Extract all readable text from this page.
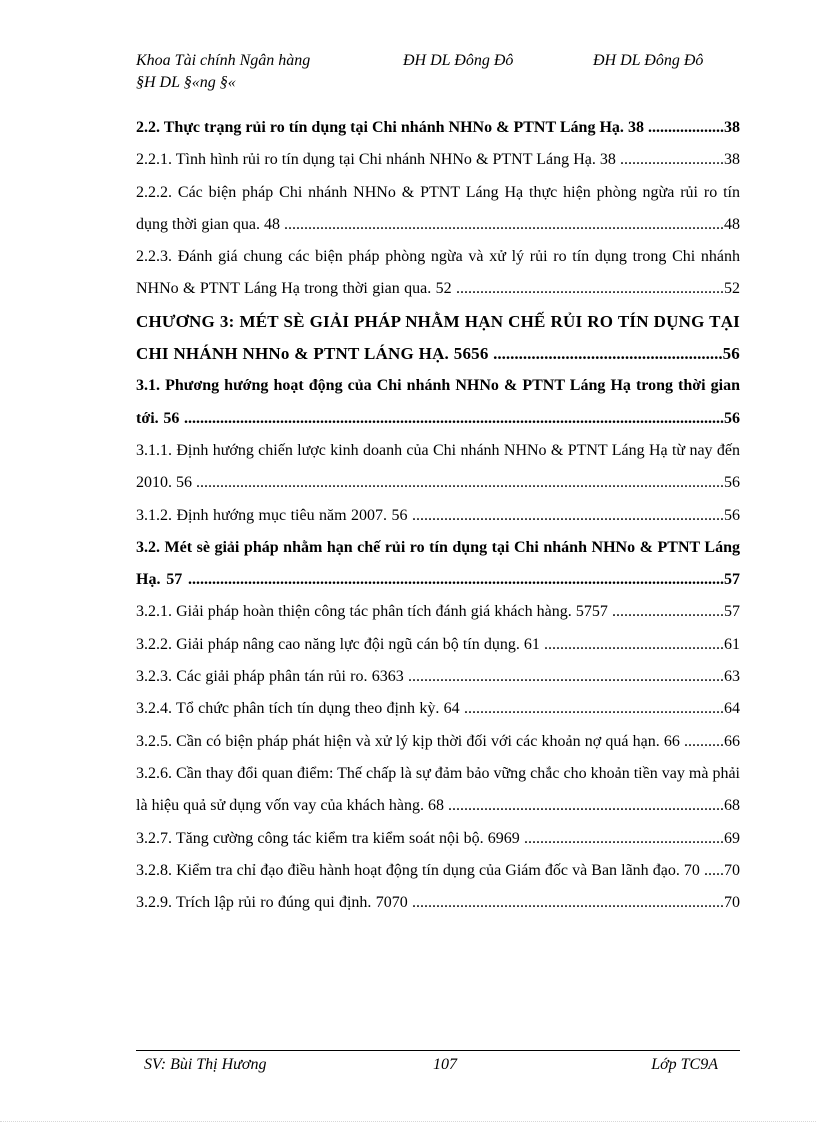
Khoa Tài chính Ngân hàng	ĐH DL Đông Đô	ĐH DL Đông Đô
§H DL §«ng §«
2.2. Thực trạng rủi ro tín dụng tại Chi nhánh NHNo & PTNT Láng Hạ. 38 ...................38
2.2.1. Tình hình rủi ro tín dụng tại Chi nhánh NHNo & PTNT Láng Hạ. 38 ..........................38
2.2.2. Các biện pháp Chi nhánh NHNo & PTNT Láng Hạ thực hiện phòng ngừa rủi ro tín dụng thời gian qua. 48 ..............................................................................................................48
2.2.3. Đánh giá chung các biện pháp phòng ngừa và xử lý rủi ro tín dụng trong Chi nhánh NHNo & PTNT Láng Hạ trong thời gian qua. 52 ...................................................................52
CHƯƠNG 3: MÉT SÈ GIẢI PHÁP NHẰM HẠN CHẾ RỦI RO TÍN DỤNG TẠI CHI NHÁNH NHNo & PTNT LÁNG HẠ. 5656 ......................................................56
3.1. Phương hướng hoạt động của Chi nhánh NHNo & PTNT Láng Hạ trong thời gian tới. 56 .......................................................................................................................................56
3.1.1. Định hướng chiến lược kinh doanh của Chi nhánh NHNo & PTNT Láng Hạ từ nay đến 2010. 56 ....................................................................................................................................56
3.1.2. Định hướng mục tiêu năm 2007. 56 ..............................................................................56
3.2. Mét sè giải pháp nhằm hạn chế rủi ro tín dụng tại Chi nhánh NHNo & PTNT Láng Hạ. 57 ......................................................................................................................................57
3.2.1. Giải pháp hoàn thiện công tác phân tích đánh giá khách hàng. 5757 ............................57
3.2.2. Giải pháp nâng cao năng lực đội ngũ cán bộ tín dụng. 61 .............................................61
3.2.3. Các giải pháp phân tán rủi ro. 6363 ...............................................................................63
3.2.4. Tổ chức phân tích tín dụng theo định kỳ. 64 .................................................................64
3.2.5. Cần có biện pháp phát hiện và xử lý kịp thời đối với các khoản nợ quá hạn. 66 ..........66
3.2.6. Cần thay đổi quan điểm: Thế chấp là sự đảm bảo vững chắc cho khoản tiền vay mà phải là hiệu quả sử dụng vốn vay của khách hàng. 68 .....................................................................68
3.2.7. Tăng cường công tác kiểm tra kiểm soát nội bộ. 6969 ..................................................69
3.2.8. Kiểm tra chỉ đạo điều hành hoạt động tín dụng của Giám đốc và Ban lãnh đạo. 70 .....70
3.2.9. Trích lập rủi ro đúng qui định. 7070 ..............................................................................70
SV: Bùi Thị Hương	107	Lớp TC9A
